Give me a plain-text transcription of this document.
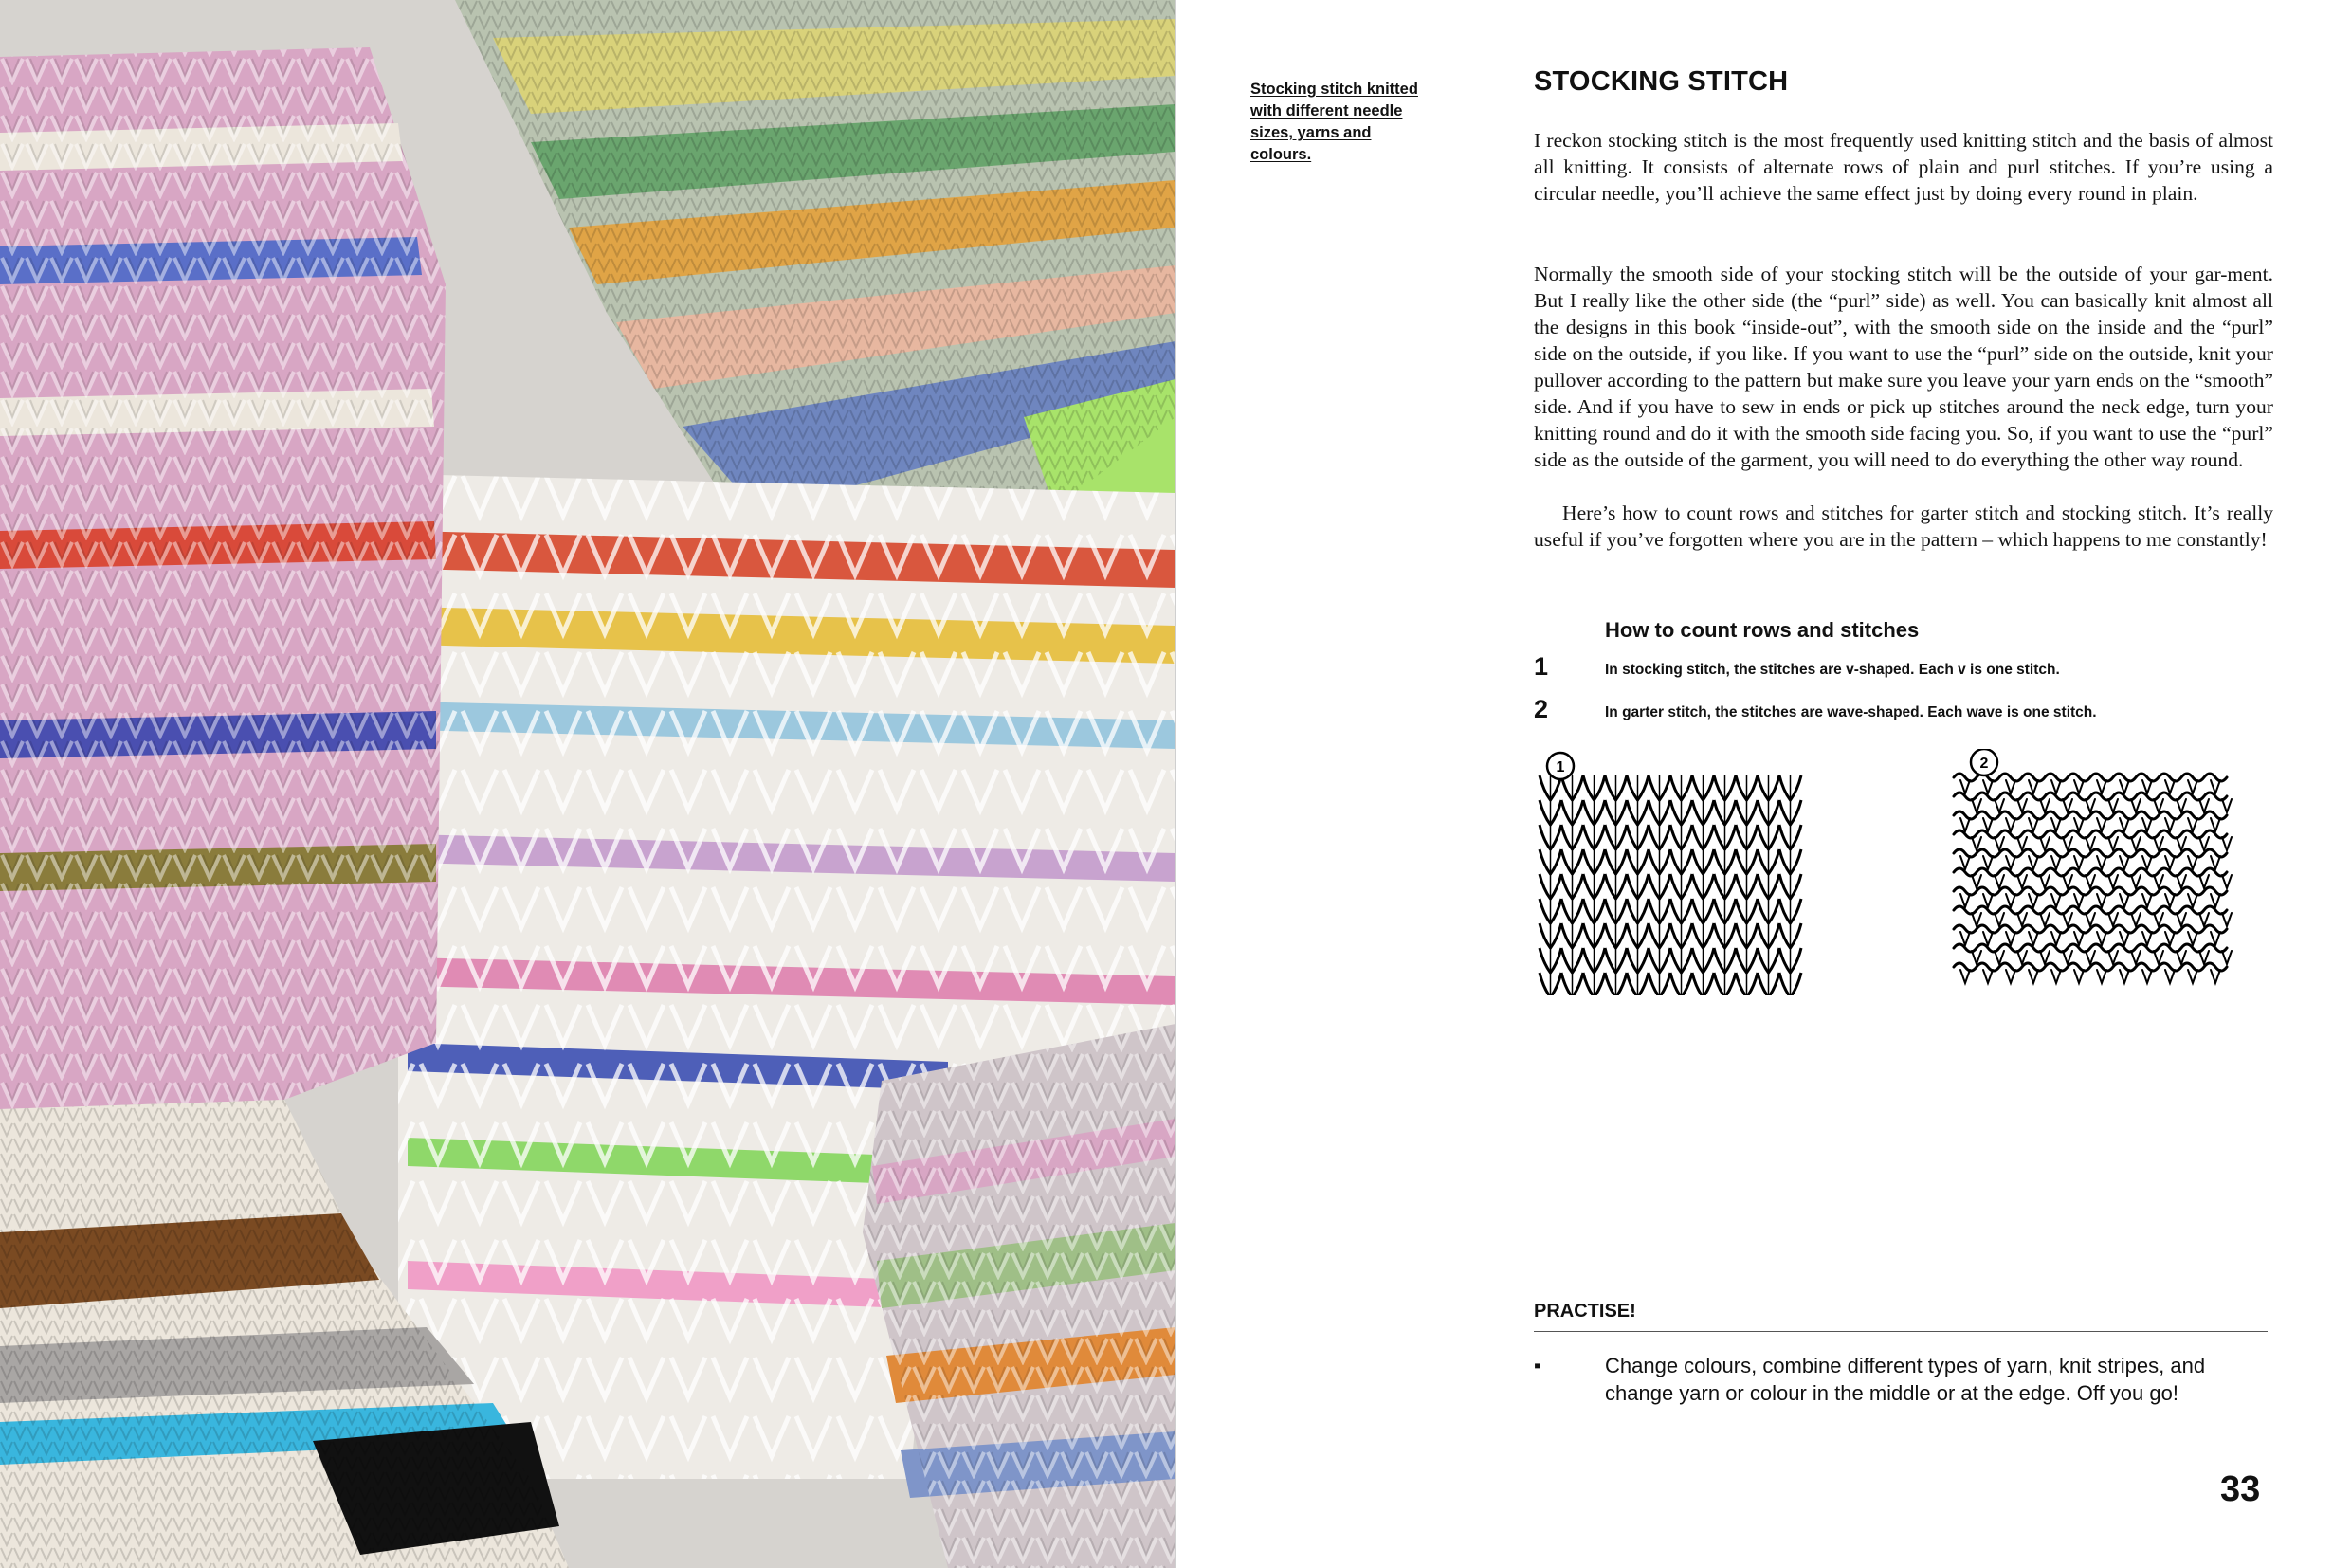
Stocking stitch knitted with different needle sizes, yarns and colours.
STOCKING STITCH

I reckon stocking stitch is the most frequently used knitting stitch and the basis of almost all knitting. It consists of alternate rows of plain and purl stitches. If you’re using a circular needle, you’ll achieve the same effect just by doing every round in plain.

Normally the smooth side of your stocking stitch will be the outside of your gar-ment. But I really like the other side (the “purl” side) as well. You can basically knit almost all the designs in this book “inside-out”, with the smooth side on the inside and the “purl” side on the outside, if you like. If you want to use the “purl” side on the outside, knit your pullover according to the pattern but make sure you leave your yarn ends on the “smooth” side. And if you have to sew in ends or pick up stitches around the neck edge, turn your knitting round and do it with the smooth side facing you. So, if you want to use the “purl” side as the outside of the garment, you will need to do everything the other way round.

Here’s how to count rows and stitches for garter stitch and stocking stitch. It’s really useful if you’ve forgotten where you are in the pattern – which happens to me constantly!

How to count rows and stitches
1	In stocking stitch, the stitches are v-shaped. Each v is one stitch.
2	In garter stitch, the stitches are wave-shaped. Each wave is one stitch.
1	2
PRACTISE!
▪	Change colours, combine different types of yarn, knit stripes, and change yarn or colour in the middle or at the edge. Off you go!

33
